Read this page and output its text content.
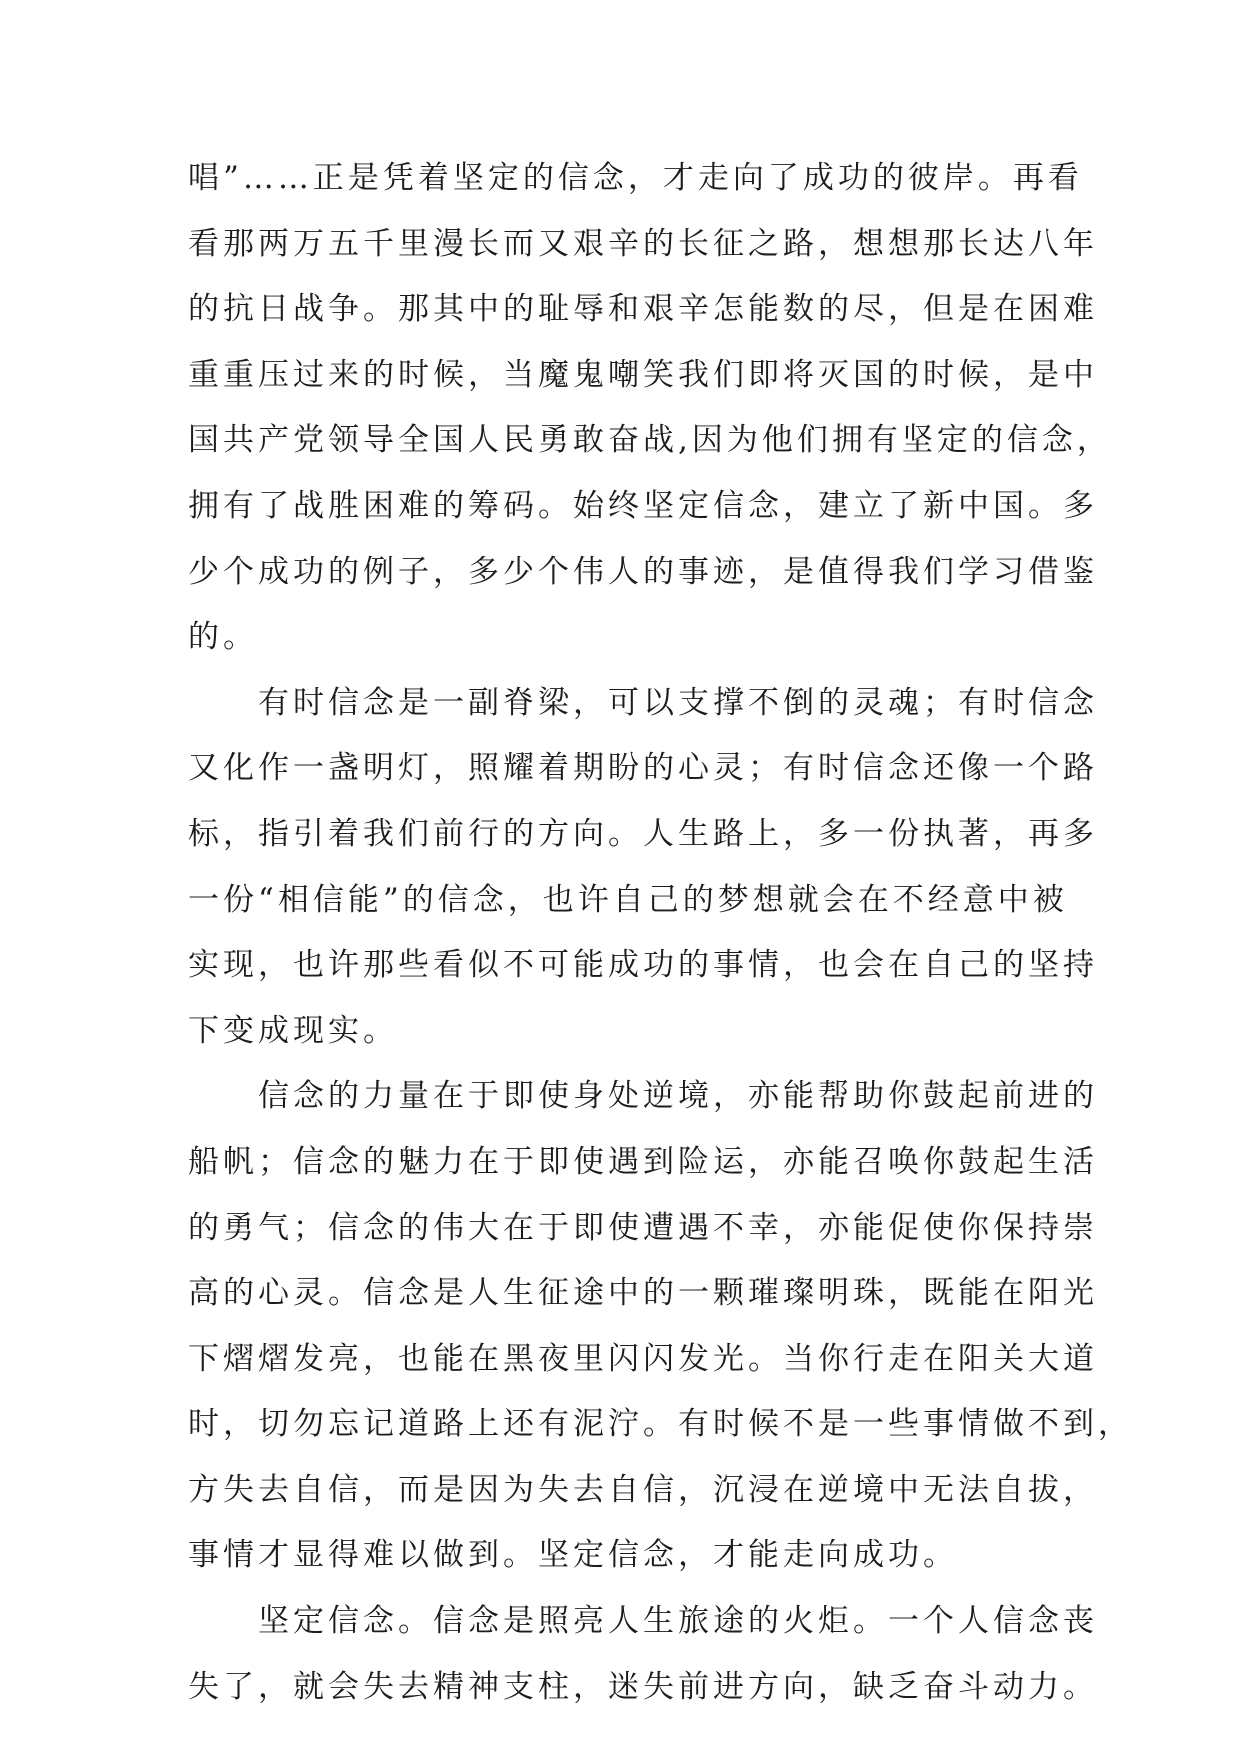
唱”……正是凭着坚定的信念，才走向了成功的彼岸。再看
看那两万五千里漫长而又艰辛的长征之路，想想那长达八年
的抗日战争。那其中的耻辱和艰辛怎能数的尽，但是在困难
重重压过来的时候，当魔鬼嘲笑我们即将灭国的时候，是中
国共产党领导全国人民勇敢奋战,因为他们拥有坚定的信念，
拥有了战胜困难的筹码。始终坚定信念，建立了新中国。多
少个成功的例子，多少个伟人的事迹，是值得我们学习借鉴
的。
　　有时信念是一副脊梁，可以支撑不倒的灵魂；有时信念
又化作一盏明灯，照耀着期盼的心灵；有时信念还像一个路
标，指引着我们前行的方向。人生路上，多一份执著，再多
一份“相信能”的信念，也许自己的梦想就会在不经意中被
实现，也许那些看似不可能成功的事情，也会在自己的坚持
下变成现实。
　　信念的力量在于即使身处逆境，亦能帮助你鼓起前进的
船帆；信念的魅力在于即使遇到险运，亦能召唤你鼓起生活
的勇气；信念的伟大在于即使遭遇不幸，亦能促使你保持崇
高的心灵。信念是人生征途中的一颗璀璨明珠，既能在阳光
下熠熠发亮，也能在黑夜里闪闪发光。当你行走在阳关大道
时，切勿忘记道路上还有泥泞。有时候不是一些事情做不到，
方失去自信，而是因为失去自信，沉浸在逆境中无法自拔，
事情才显得难以做到。坚定信念，才能走向成功。
　　坚定信念。信念是照亮人生旅途的火炬。一个人信念丧
失了，就会失去精神支柱，迷失前进方向，缺乏奋斗动力。
